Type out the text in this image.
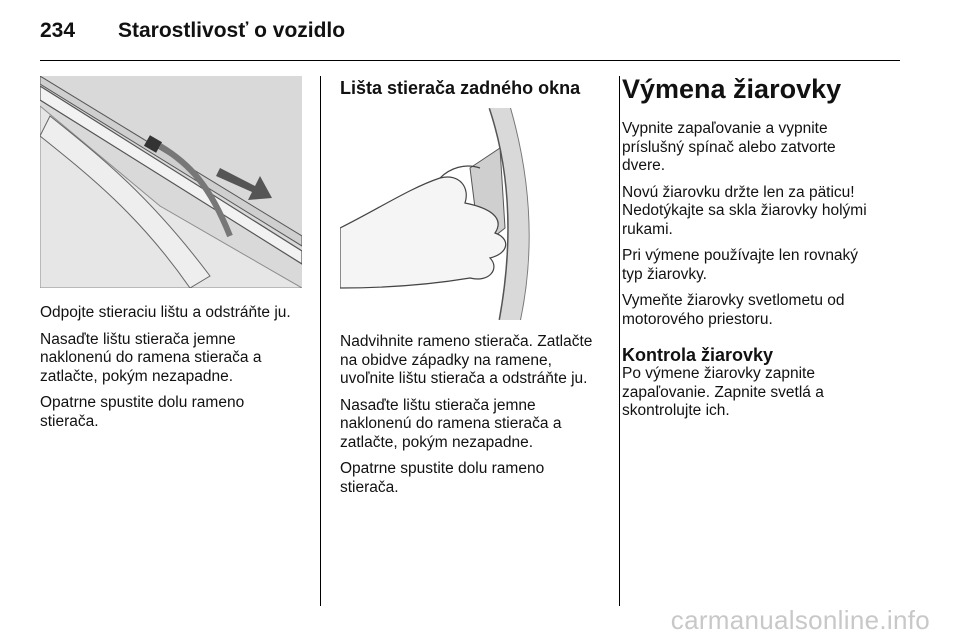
234 Starostlivosť o vozidlo

Odpojte stieraciu lištu a odstráňte ju.

Nasaďte lištu stierača jemne
naklonenú do ramena stierača a
zatlačte, pokým nezapadne.

Opatrne spustite dolu rameno
stierača.

Lišta stierača zadného okna

Nadvihnite rameno stierača. Zatlačte
na obidve západky na ramene,
uvoľnite lištu stierača a odstráňte ju.

Nasaďte lištu stierača jemne
naklonenú do ramena stierača a
zatlačte, pokým nezapadne.

Opatrne spustite dolu rameno
stierača.

Výmena žiarovky

Vypnite zapaľovanie a vypnite
príslušný spínač alebo zatvorte
dvere.

Novú žiarovku držte len za päticu!
Nedotýkajte sa skla žiarovky holými
rukami.

Pri výmene používajte len rovnaký
typ žiarovky.

Vymeňte žiarovky svetlometu od
motorového priestoru.

Kontrola žiarovky

Po výmene žiarovky zapnite
zapaľovanie. Zapnite svetlá a
skontrolujte ich.

carmanualsonline.info
